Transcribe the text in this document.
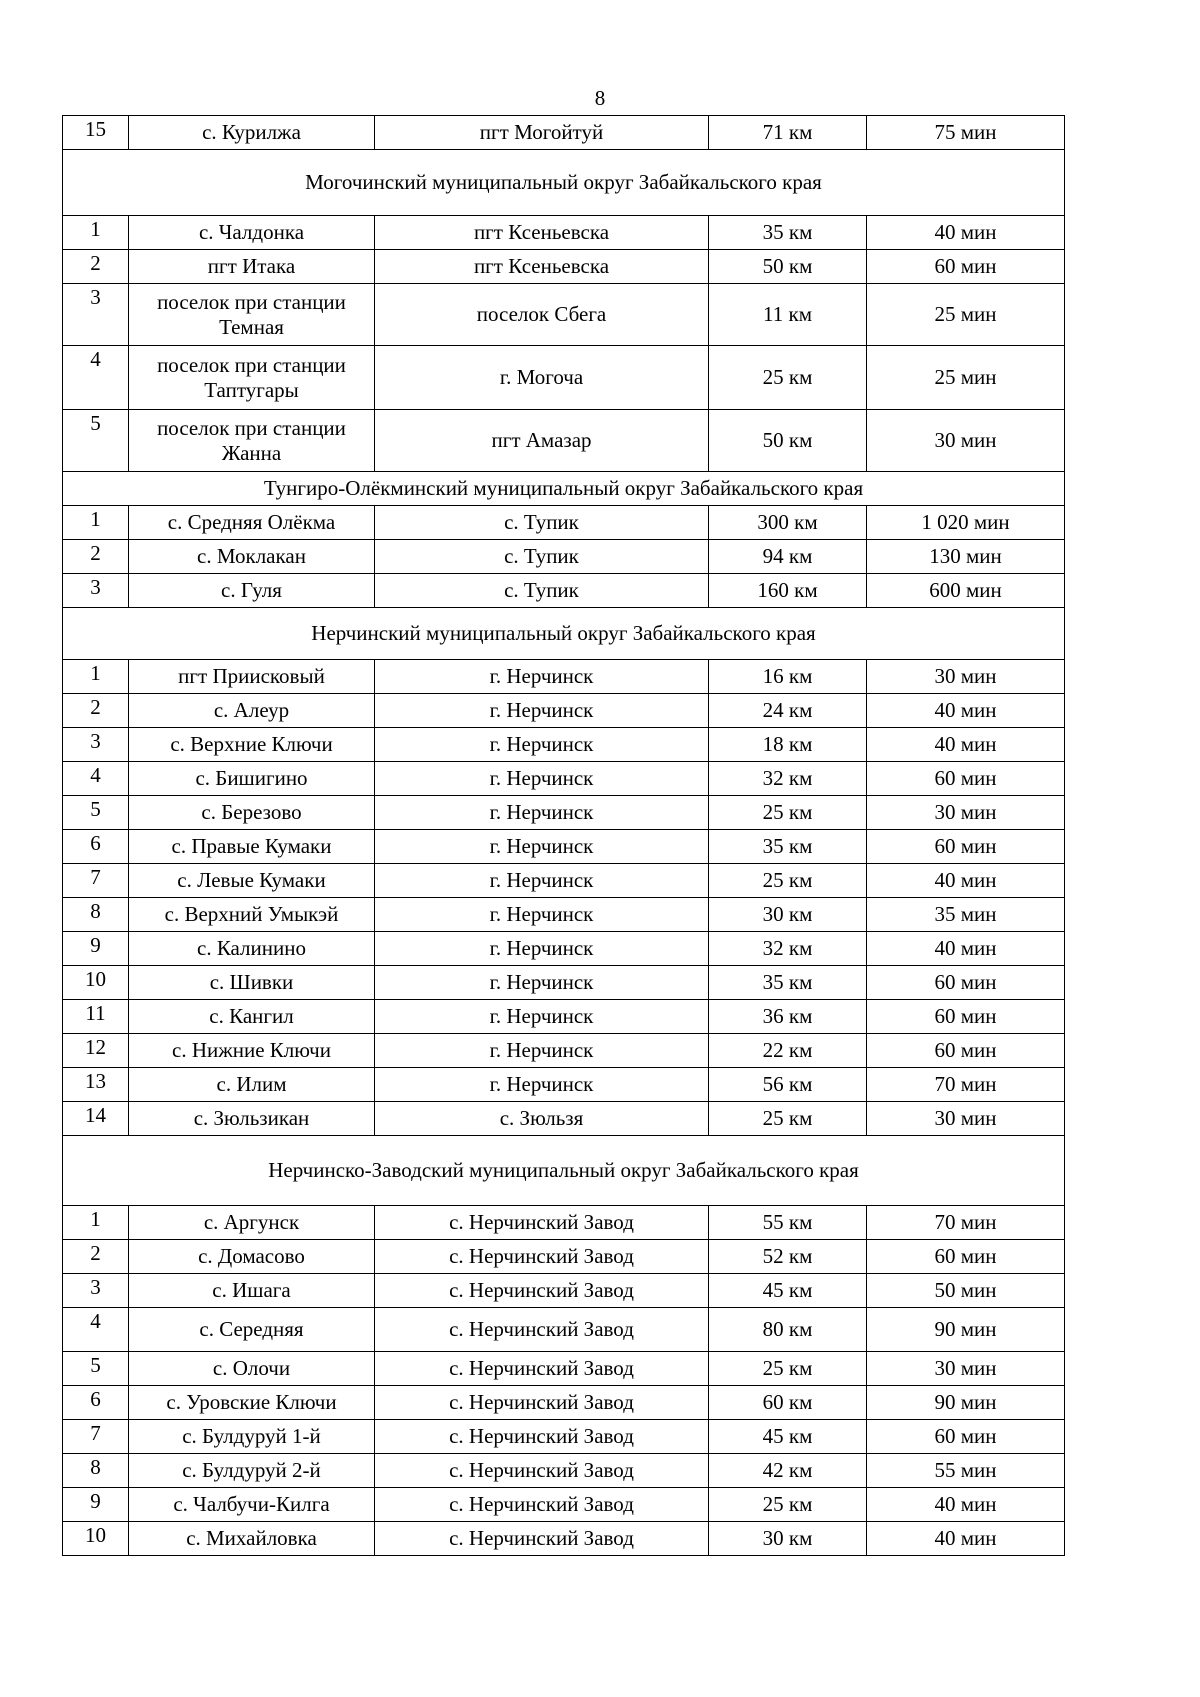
8
15	с. Курилжа	пгт Могойтуй	71 км	75 мин
Могочинский муниципальный округ Забайкальского края				
1	с. Чалдонка	пгт Ксеньевска	35 км	40 мин
2	пгт Итака	пгт Ксеньевска	50 км	60 мин
3	поселок при станции Темная	поселок Сбега	11 км	25 мин
4	поселок при станции Таптугары	г. Могоча	25 км	25 мин
5	поселок при станции Жанна	пгт Амазар	50 км	30 мин
Тунгиро-Олёкминский муниципальный округ Забайкальского края				
1	с. Средняя Олёкма	с. Тупик	300 км	1 020 мин
2	с. Моклакан	с. Тупик	94 км	130 мин
3	с. Гуля	с. Тупик	160 км	600 мин
Нерчинский муниципальный округ Забайкальского края				
1	пгт Приисковый	г. Нерчинск	16 км	30 мин
2	с. Алеур	г. Нерчинск	24 км	40 мин
3	с. Верхние Ключи	г. Нерчинск	18 км	40 мин
4	с. Бишигино	г. Нерчинск	32 км	60 мин
5	с. Березово	г. Нерчинск	25 км	30 мин
6	с. Правые Кумаки	г. Нерчинск	35 км	60 мин
7	с. Левые Кумаки	г. Нерчинск	25 км	40 мин
8	с. Верхний Умыкэй	г. Нерчинск	30 км	35 мин
9	с. Калинино	г. Нерчинск	32 км	40 мин
10	с. Шивки	г. Нерчинск	35 км	60 мин
11	с. Кангил	г. Нерчинск	36 км	60 мин
12	с. Нижние Ключи	г. Нерчинск	22 км	60 мин
13	с. Илим	г. Нерчинск	56 км	70 мин
14	с. Зюльзикан	с. Зюльзя	25 км	30 мин
Нерчинско-Заводский муниципальный округ Забайкальского края				
1	с. Аргунск	с. Нерчинский Завод	55 км	70 мин
2	с. Домасово	с. Нерчинский Завод	52 км	60 мин
3	с. Ишага	с. Нерчинский Завод	45 км	50 мин
4	с. Середняя	с. Нерчинский Завод	80 км	90 мин
5	с. Олочи	с. Нерчинский Завод	25 км	30 мин
6	с. Уровские Ключи	с. Нерчинский Завод	60 км	90 мин
7	с. Булдуруй 1-й	с. Нерчинский Завод	45 км	60 мин
8	с. Булдуруй 2-й	с. Нерчинский Завод	42 км	55 мин
9	с. Чалбучи-Килга	с. Нерчинский Завод	25 км	40 мин
10	с. Михайловка	с. Нерчинский Завод	30 км	40 мин
